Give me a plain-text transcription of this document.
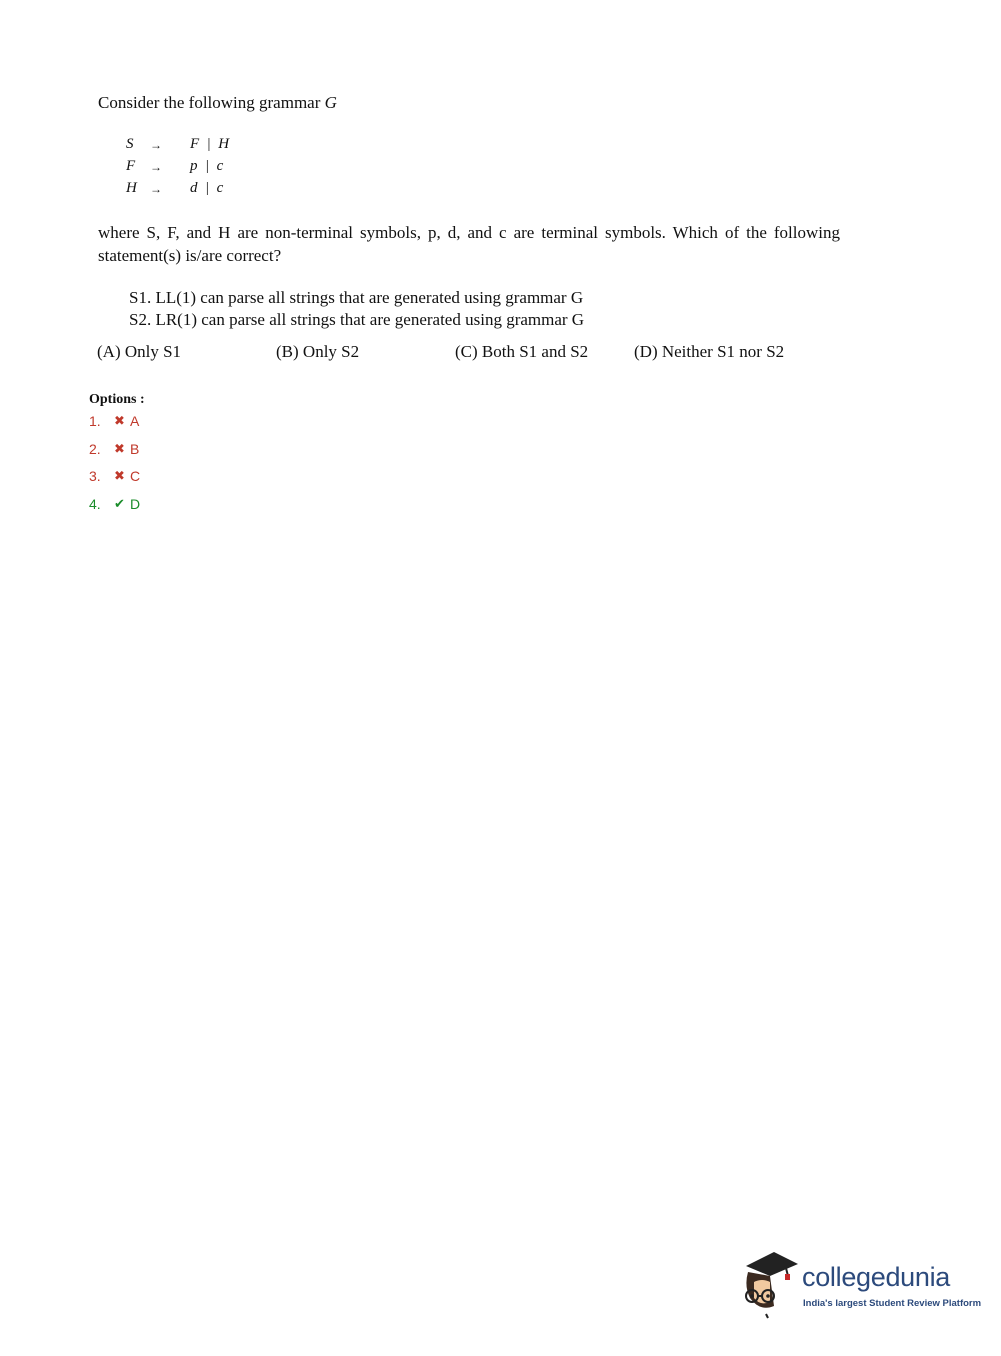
Consider the following grammar G
S	→ F  |  H
F	→ p  |  c
H → d  |  c
where S, F, and H are non-terminal symbols, p, d, and c are terminal symbols. Which of the following statement(s) is/are correct?
S1. LL(1) can parse all strings that are generated using grammar G
S2. LR(1) can parse all strings that are generated using grammar G
(A) Only S1	(B) Only S2	(C) Both S1 and S2	(D) Neither S1 nor S2
Options :
1.	✖ A
2.	✖ B
3.	✖ C
4.	✔ D
collegedunia
India's largest Student Review Platform
